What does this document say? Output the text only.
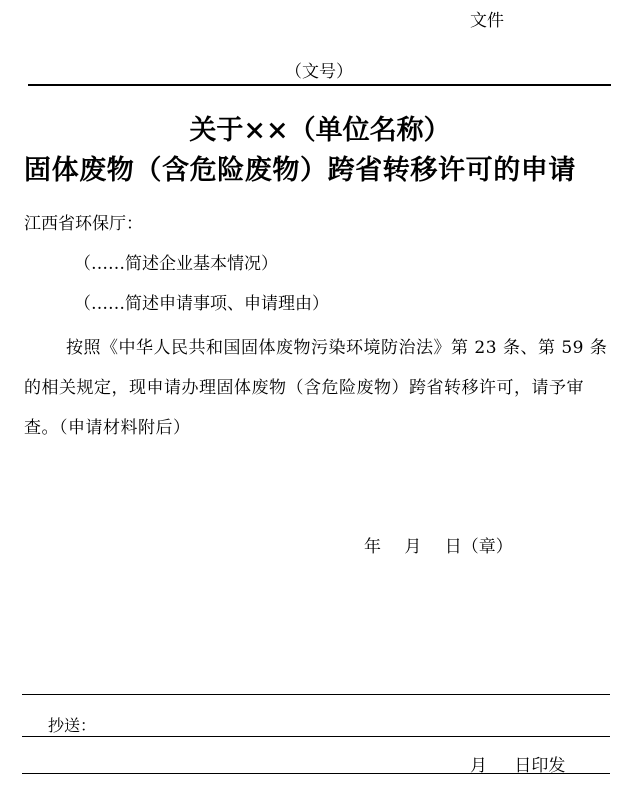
文件
（文号）
关于××（单位名称）
固体废物（含危险废物）跨省转移许可的申请
江西省环保厅：
（……简述企业基本情况）
（……简述申请事项、申请理由）
按照《中华人民共和国固体废物污染环境防治法》第 23 条、第 59 条的相关规定，现申请办理固体废物（含危险废物）跨省转移许可，请予审查。（申请材料附后）
年 月 日（章）
抄送：
月 日印发
